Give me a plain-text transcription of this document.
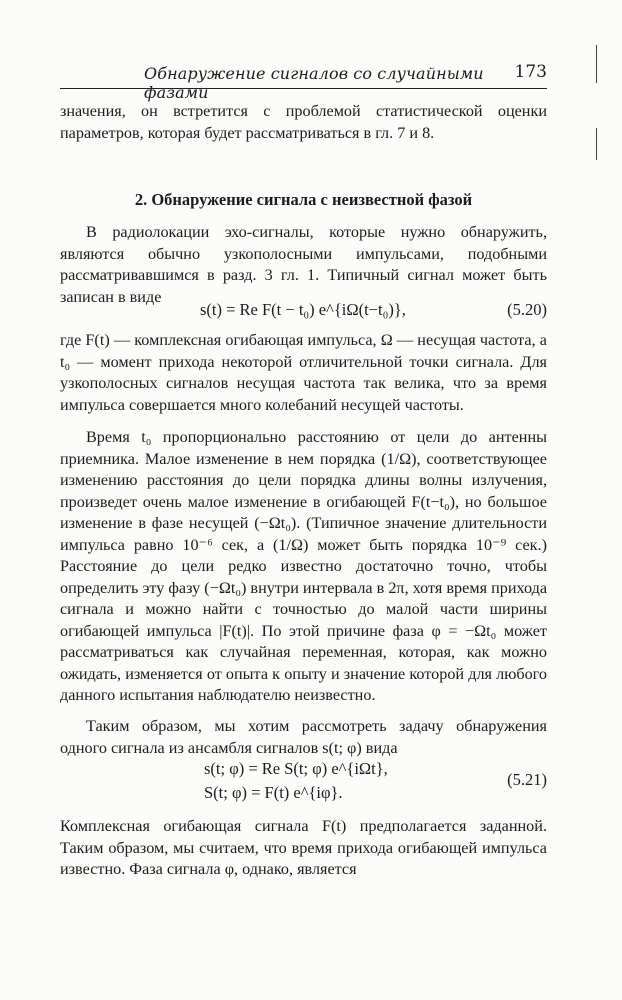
Обнаружение сигналов со случайными фазами
173

значения, он встретится с проблемой статистической оценки параметров, которая будет рассматриваться в гл. 7 и 8.

2. Обнаружение сигнала с неизвестной фазой

В радиолокации эхо-сигналы, которые нужно обнаружить, являются обычно узкополосными импульсами, подобными рассматривавшимся в разд. 3 гл. 1. Типичный сигнал может быть записан в виде

s(t) = Re F(t − t₀) e^{iΩ(t−t₀)},	(5.20)

где F(t) — комплексная огибающая импульса, Ω — несущая частота, а t₀ — момент прихода некоторой отличительной точки сигнала. Для узкополосных сигналов несущая частота так велика, что за время импульса совершается много колебаний несущей частоты.

Время t₀ пропорционально расстоянию от цели до антенны приемника. Малое изменение в нем порядка (1/Ω), соответствующее изменению расстояния до цели порядка длины волны излучения, произведет очень малое изменение в огибающей F(t−t₀), но большое изменение в фазе несущей (−Ωt₀). (Типичное значение длительности импульса равно 10⁻⁶ сек, а (1/Ω) может быть порядка 10⁻⁹ сек.) Расстояние до цели редко известно достаточно точно, чтобы определить эту фазу (−Ωt₀) внутри интервала в 2π, хотя время прихода сигнала и можно найти с точностью до малой части ширины огибающей импульса |F(t)|. По этой причине фаза φ = −Ωt₀ может рассматриваться как случайная переменная, которая, как можно ожидать, изменяется от опыта к опыту и значение которой для любого данного испытания наблюдателю неизвестно.

Таким образом, мы хотим рассмотреть задачу обнаружения одного сигнала из ансамбля сигналов s(t; φ) вида

s(t; φ) = Re S(t; φ) e^{iΩt},
S(t; φ) = F(t) e^{iφ}.
(5.21)

Комплексная огибающая сигнала F(t) предполагается заданной. Таким образом, мы считаем, что время прихода огибающей импульса известно. Фаза сигнала φ, однако, является
